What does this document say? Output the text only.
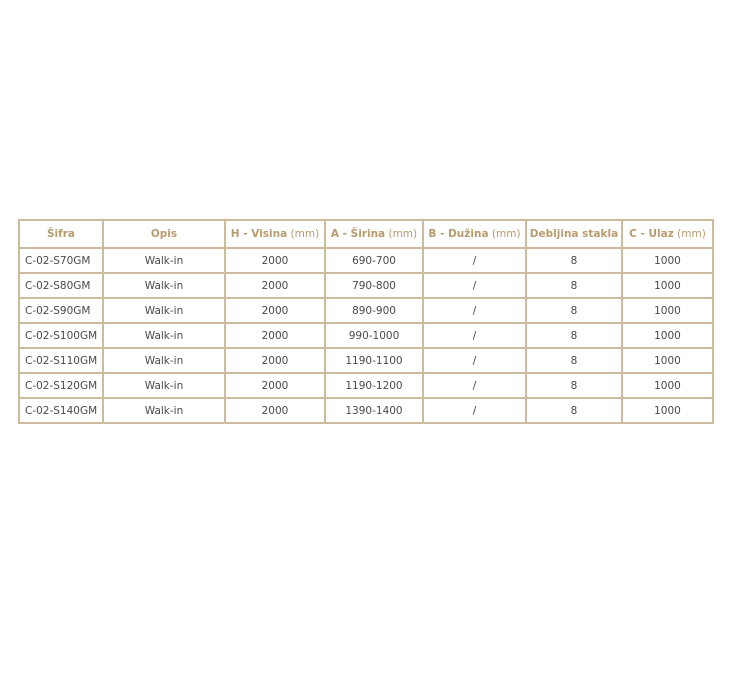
Šifra	Opis	H - Visina (mm)	A - Širina (mm)	B - Dužina (mm)	Debljina stakla	C - Ulaz (mm)
C-02-S70GM	Walk-in	2000	690-700	/	8	1000
C-02-S80GM	Walk-in	2000	790-800	/	8	1000
C-02-S90GM	Walk-in	2000	890-900	/	8	1000
C-02-S100GM	Walk-in	2000	990-1000	/	8	1000
C-02-S110GM	Walk-in	2000	1190-1100	/	8	1000
C-02-S120GM	Walk-in	2000	1190-1200	/	8	1000
C-02-S140GM	Walk-in	2000	1390-1400	/	8	1000
